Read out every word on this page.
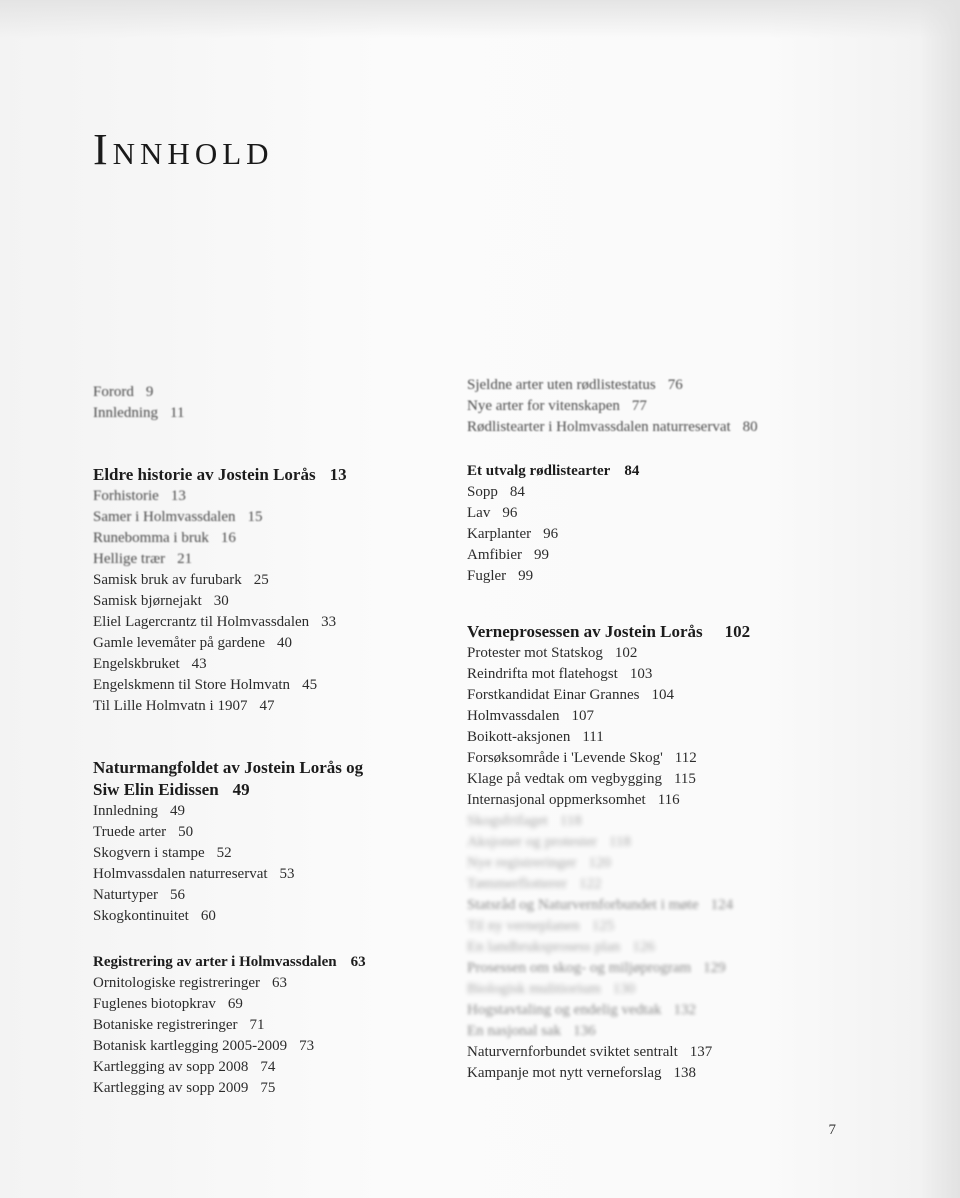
Innhold
Forord 9
Innledning 11
Eldre historie av Jostein Lorås 13
Forhistorie 13
Samer i Holmvassdalen 15
Runebomma i bruk 16
Hellige trær 21
Samisk bruk av furubark 25
Samisk bjørnejakt 30
Eliel Lagercrantz til Holmvassdalen 33
Gamle levemåter på gardene 40
Engelskbruket 43
Engelskmenn til Store Holmvatn 45
Til Lille Holmvatn i 1907 47
Naturmangfoldet av Jostein Lorås og
Siw Elin Eidissen 49
Innledning 49
Truede arter 50
Skogvern i stampe 52
Holmvassdalen naturreservat 53
Naturtyper 56
Skogkontinuitet 60
Registrering av arter i Holmvassdalen 63
Ornitologiske registreringer 63
Fuglenes biotopkrav 69
Botaniske registreringer 71
Botanisk kartlegging 2005-2009 73
Kartlegging av sopp 2008 74
Kartlegging av sopp 2009 75
Sjeldne arter uten rødlistestatus 76
Nye arter for vitenskapen 77
Rødlistearter i Holmvassdalen naturreservat 80
Et utvalg rødlistearter 84
Sopp 84
Lav 96
Karplanter 96
Amfibier 99
Fugler 99
Verneprosessen av Jostein Lorås 102
Protester mot Statskog 102
Reindrifta mot flatehogst 103
Forstkandidat Einar Grannes 104
Holmvassdalen 107
Boikott-aksjonen 111
Forsøksområde i 'Levende Skog' 112
Klage på vedtak om vegbygging 115
Internasjonal oppmerksomhet 116
Skogsfrifaget 118
Aksjoner og protester 118
Nye registreringer 120
Tømmerflotterer 122
Statsråd og Naturvernforbundet i møte 124
Til ny verneplanen 125
En landbruksprosess plan 126
Prosessen om skog- og miljøprogram 129
Biologisk mulitiorium 130
Hogstavtaling og endelig vedtak 132
En nasjonal sak 136
Naturvernforbundet sviktet sentralt 137
Kampanje mot nytt verneforslag 138
7
